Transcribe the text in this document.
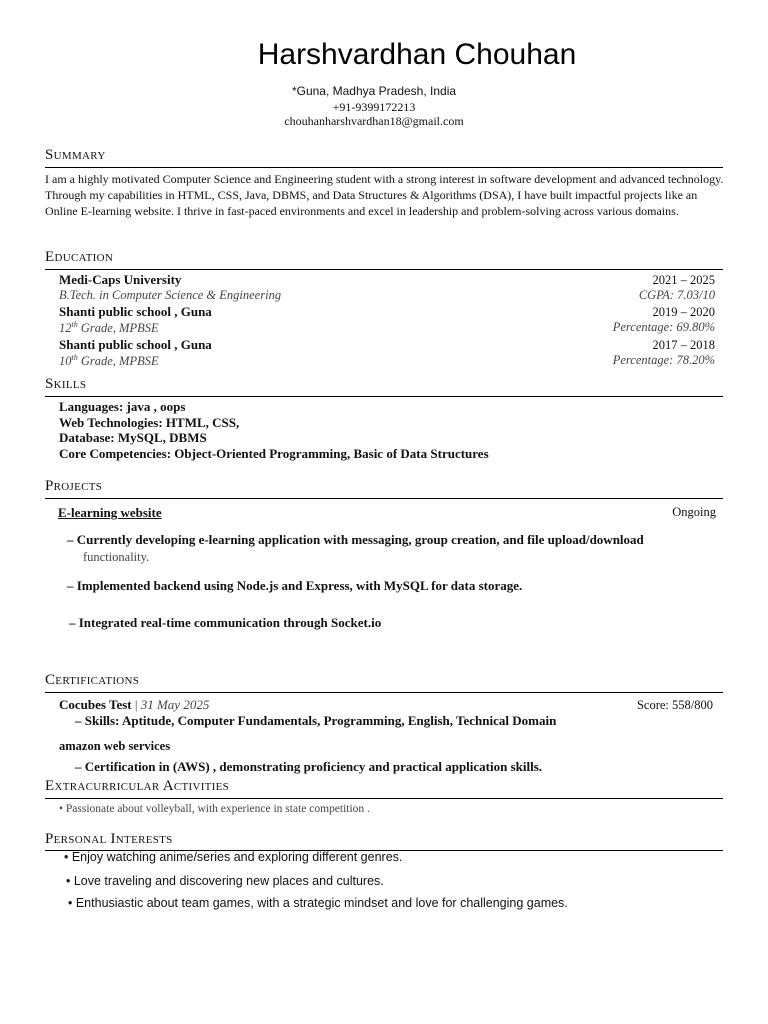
Harshvardhan Chouhan
*Guna, Madhya Pradesh, India
+91-9399172213
chouhanharshvardhan18@gmail.com
Summary
I am a highly motivated Computer Science and Engineering student with a strong interest in software development and advanced technology. Through my capabilities in HTML, CSS, Java, DBMS, and Data Structures & Algorithms (DSA), I have built impactful projects like an Online E-learning website. I thrive in fast-paced environments and excel in leadership and problem-solving across various domains.
Education
Medi-Caps University	2021 – 2025
B.Tech. in Computer Science & Engineering	CGPA: 7.03/10
Shanti public school , Guna	2019 – 2020
12th Grade, MPBSE	Percentage: 69.80%
Shanti public school , Guna	2017 – 2018
10th Grade, MPBSE	Percentage: 78.20%
Skills
Languages: java , oops
Web Technologies: HTML, CSS,
Database: MySQL, DBMS
Core Competencies: Object-Oriented Programming, Basic of Data Structures
Projects
E-learning website	Ongoing
– Currently developing e-learning application with messaging, group creation, and file upload/download
functionality.
– Implemented backend using Node.js and Express, with MySQL for data storage.
– Integrated real-time communication through Socket.io
Certifications
Cocubes Test | 31 May 2025	Score: 558/800
– Skills: Aptitude, Computer Fundamentals, Programming, English, Technical Domain
amazon web services
– Certification in (AWS) , demonstrating proficiency and practical application skills.
Extracurricular Activities
• Passionate about volleyball, with experience in state competition .
Personal Interests
• Enjoy watching anime/series and exploring different genres.
• Love traveling and discovering new places and cultures.
• Enthusiastic about team games, with a strategic mindset and love for challenging games.
